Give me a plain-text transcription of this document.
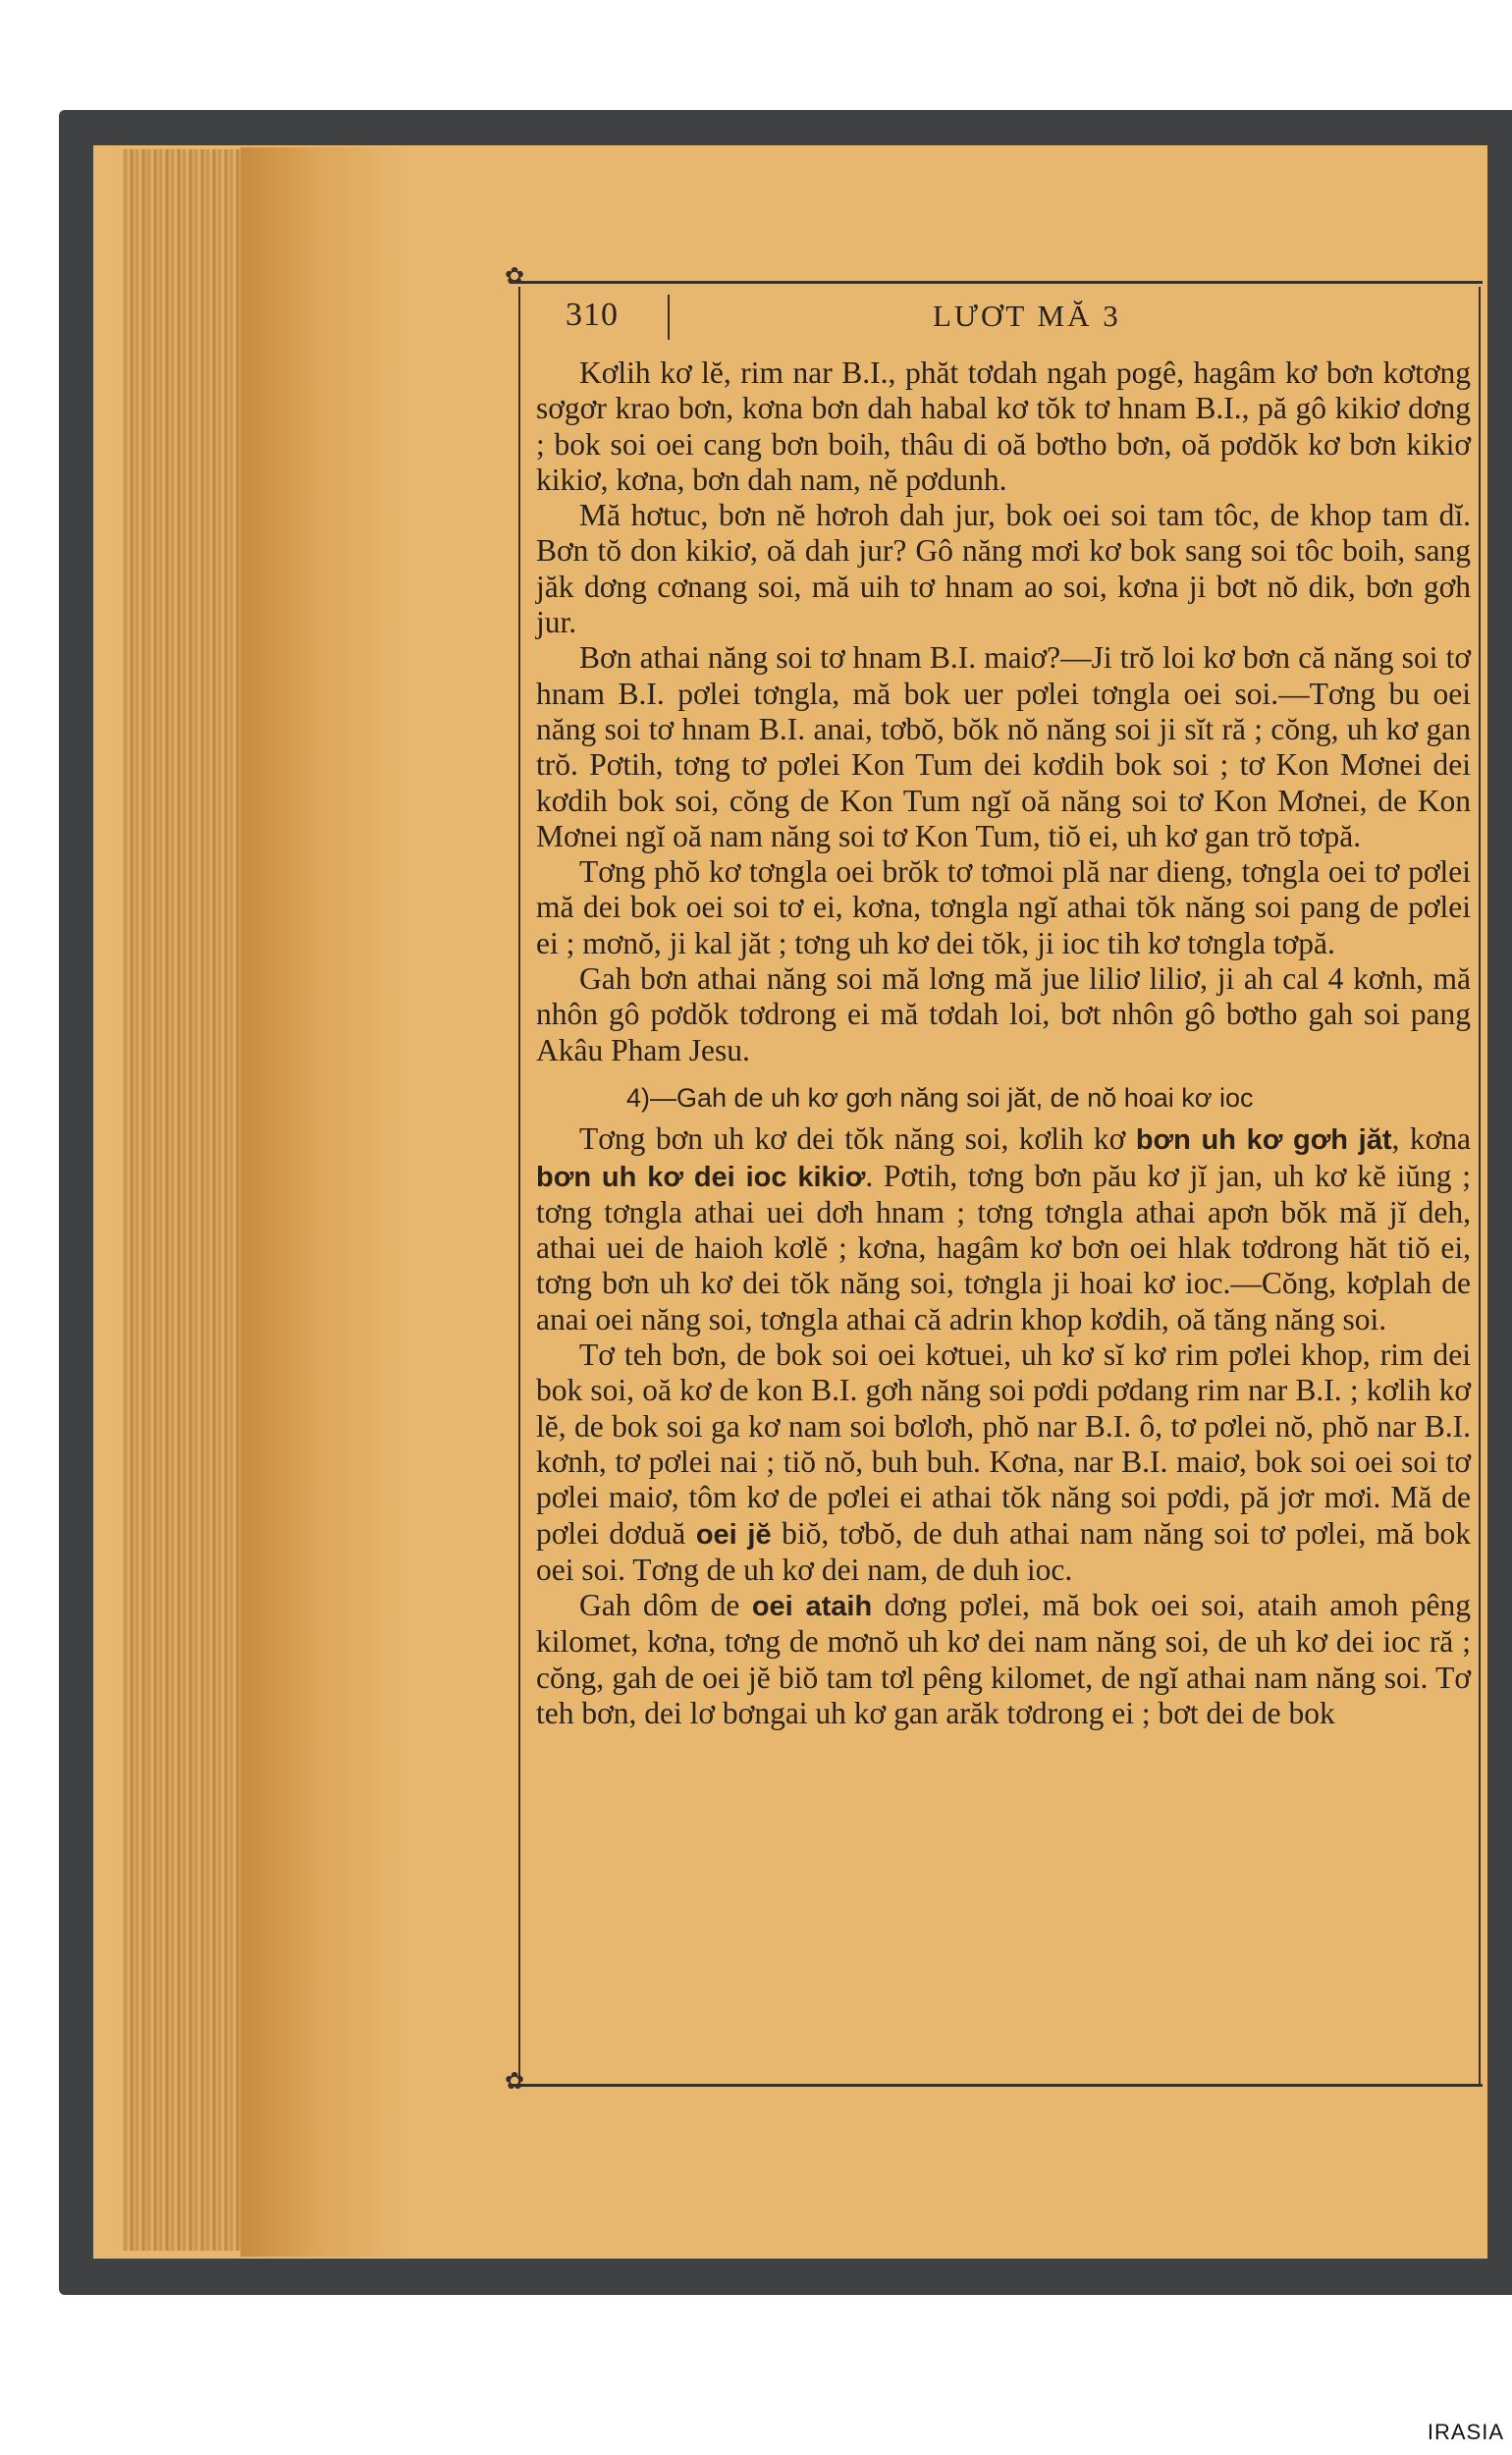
✿
310	LƯƠT MĂ 3

Kơlih kơ lĕ, rim nar B.I., phăt tơdah ngah pogê, hagâm kơ bơn kơtơng sơgơr krao bơn, kơna bơn dah habal kơ tŏk tơ hnam B.I., pă gô kikiơ dơng ; bok soi oei cang bơn boih, thâu di oă bơtho bơn, oă pơdŏk kơ bơn kikiơ kikiơ, kơna, bơn dah nam, nĕ pơdunh.

Mă hơtuc, bơn nĕ hơroh dah jur, bok oei soi tam tôc, de khop tam dĭ. Bơn tŏ don kikiơ, oă dah jur? Gô năng mơi kơ bok sang soi tôc boih, sang jăk dơng cơnang soi, mă uih tơ hnam ao soi, kơna ji bơt nŏ dik, bơn gơh jur.

Bơn athai năng soi tơ hnam B.I. maiơ?—Ji trŏ loi kơ bơn că năng soi tơ hnam B.I. pơlei tơngla, mă bok uer pơlei tơngla oei soi.—Tơng bu oei năng soi tơ hnam B.I. anai, tơbŏ, bŏk nŏ năng soi ji sĭt ră ; cŏng, uh kơ gan trŏ. Pơtih, tơng tơ pơlei Kon Tum dei kơdih bok soi ; tơ Kon Mơnei dei kơdih bok soi, cŏng de Kon Tum ngĭ oă năng soi tơ Kon Mơnei, de Kon Mơnei ngĭ oă nam năng soi tơ Kon Tum, tiŏ ei, uh kơ gan trŏ tơpă.

Tơng phŏ kơ tơngla oei brŏk tơ tơmoi plă nar dieng, tơngla oei tơ pơlei mă dei bok oei soi tơ ei, kơna, tơngla ngĭ athai tŏk năng soi pang de pơlei ei ; mơnŏ, ji kal jăt ; tơng uh kơ dei tŏk, ji ioc tih kơ tơngla tơpă.

Gah bơn athai năng soi mă lơng mă jue liliơ liliơ, ji ah cal 4 kơnh, mă nhôn gô pơdŏk tơdrong ei mă tơdah loi, bơt nhôn gô bơtho gah soi pang Akâu Pham Jesu.

4)—Gah de uh kơ gơh năng soi jăt, de nŏ hoai kơ ioc

Tơng bơn uh kơ dei tŏk năng soi, kơlih kơ bơn uh kơ gơh jăt, kơna bơn uh kơ dei ioc kikiơ. Pơtih, tơng bơn pău kơ jĭ jan, uh kơ kĕ iŭng ; tơng tơngla athai uei dơh hnam ; tơng tơngla athai apơn bŏk mă jĭ deh, athai uei de haioh kơlĕ ; kơna, hagâm kơ bơn oei hlak tơdrong hăt tiŏ ei, tơng bơn uh kơ dei tŏk năng soi, tơngla ji hoai kơ ioc.—Cŏng, kơplah de anai oei năng soi, tơngla athai că adrin khop kơdih, oă tăng năng soi.

Tơ teh bơn, de bok soi oei kơtuei, uh kơ sĭ kơ rim pơlei khop, rim dei bok soi, oă kơ de kon B.I. gơh năng soi pơdi pơdang rim nar B.I. ; kơlih kơ lĕ, de bok soi ga kơ nam soi bơlơh, phŏ nar B.I. ô, tơ pơlei nŏ, phŏ nar B.I. kơnh, tơ pơlei nai ; tiŏ nŏ, buh buh. Kơna, nar B.I. maiơ, bok soi oei soi tơ pơlei maiơ, tôm kơ de pơlei ei athai tŏk năng soi pơdi, pă jơr mơi. Mă de pơlei dơduă oei jĕ biŏ, tơbŏ, de duh athai nam năng soi tơ pơlei, mă bok oei soi. Tơng de uh kơ dei nam, de duh ioc.

Gah dôm de oei ataih dơng pơlei, mă bok oei soi, ataih amoh pêng kilomet, kơna, tơng de mơnŏ uh kơ dei nam năng soi, de uh kơ dei ioc ră ; cŏng, gah de oei jĕ biŏ tam tơl pêng kilomet, de ngĭ athai nam năng soi. Tơ teh bơn, dei lơ bơngai uh kơ gan arăk tơdrong ei ; bơt dei de bok

✿
IRASIA
